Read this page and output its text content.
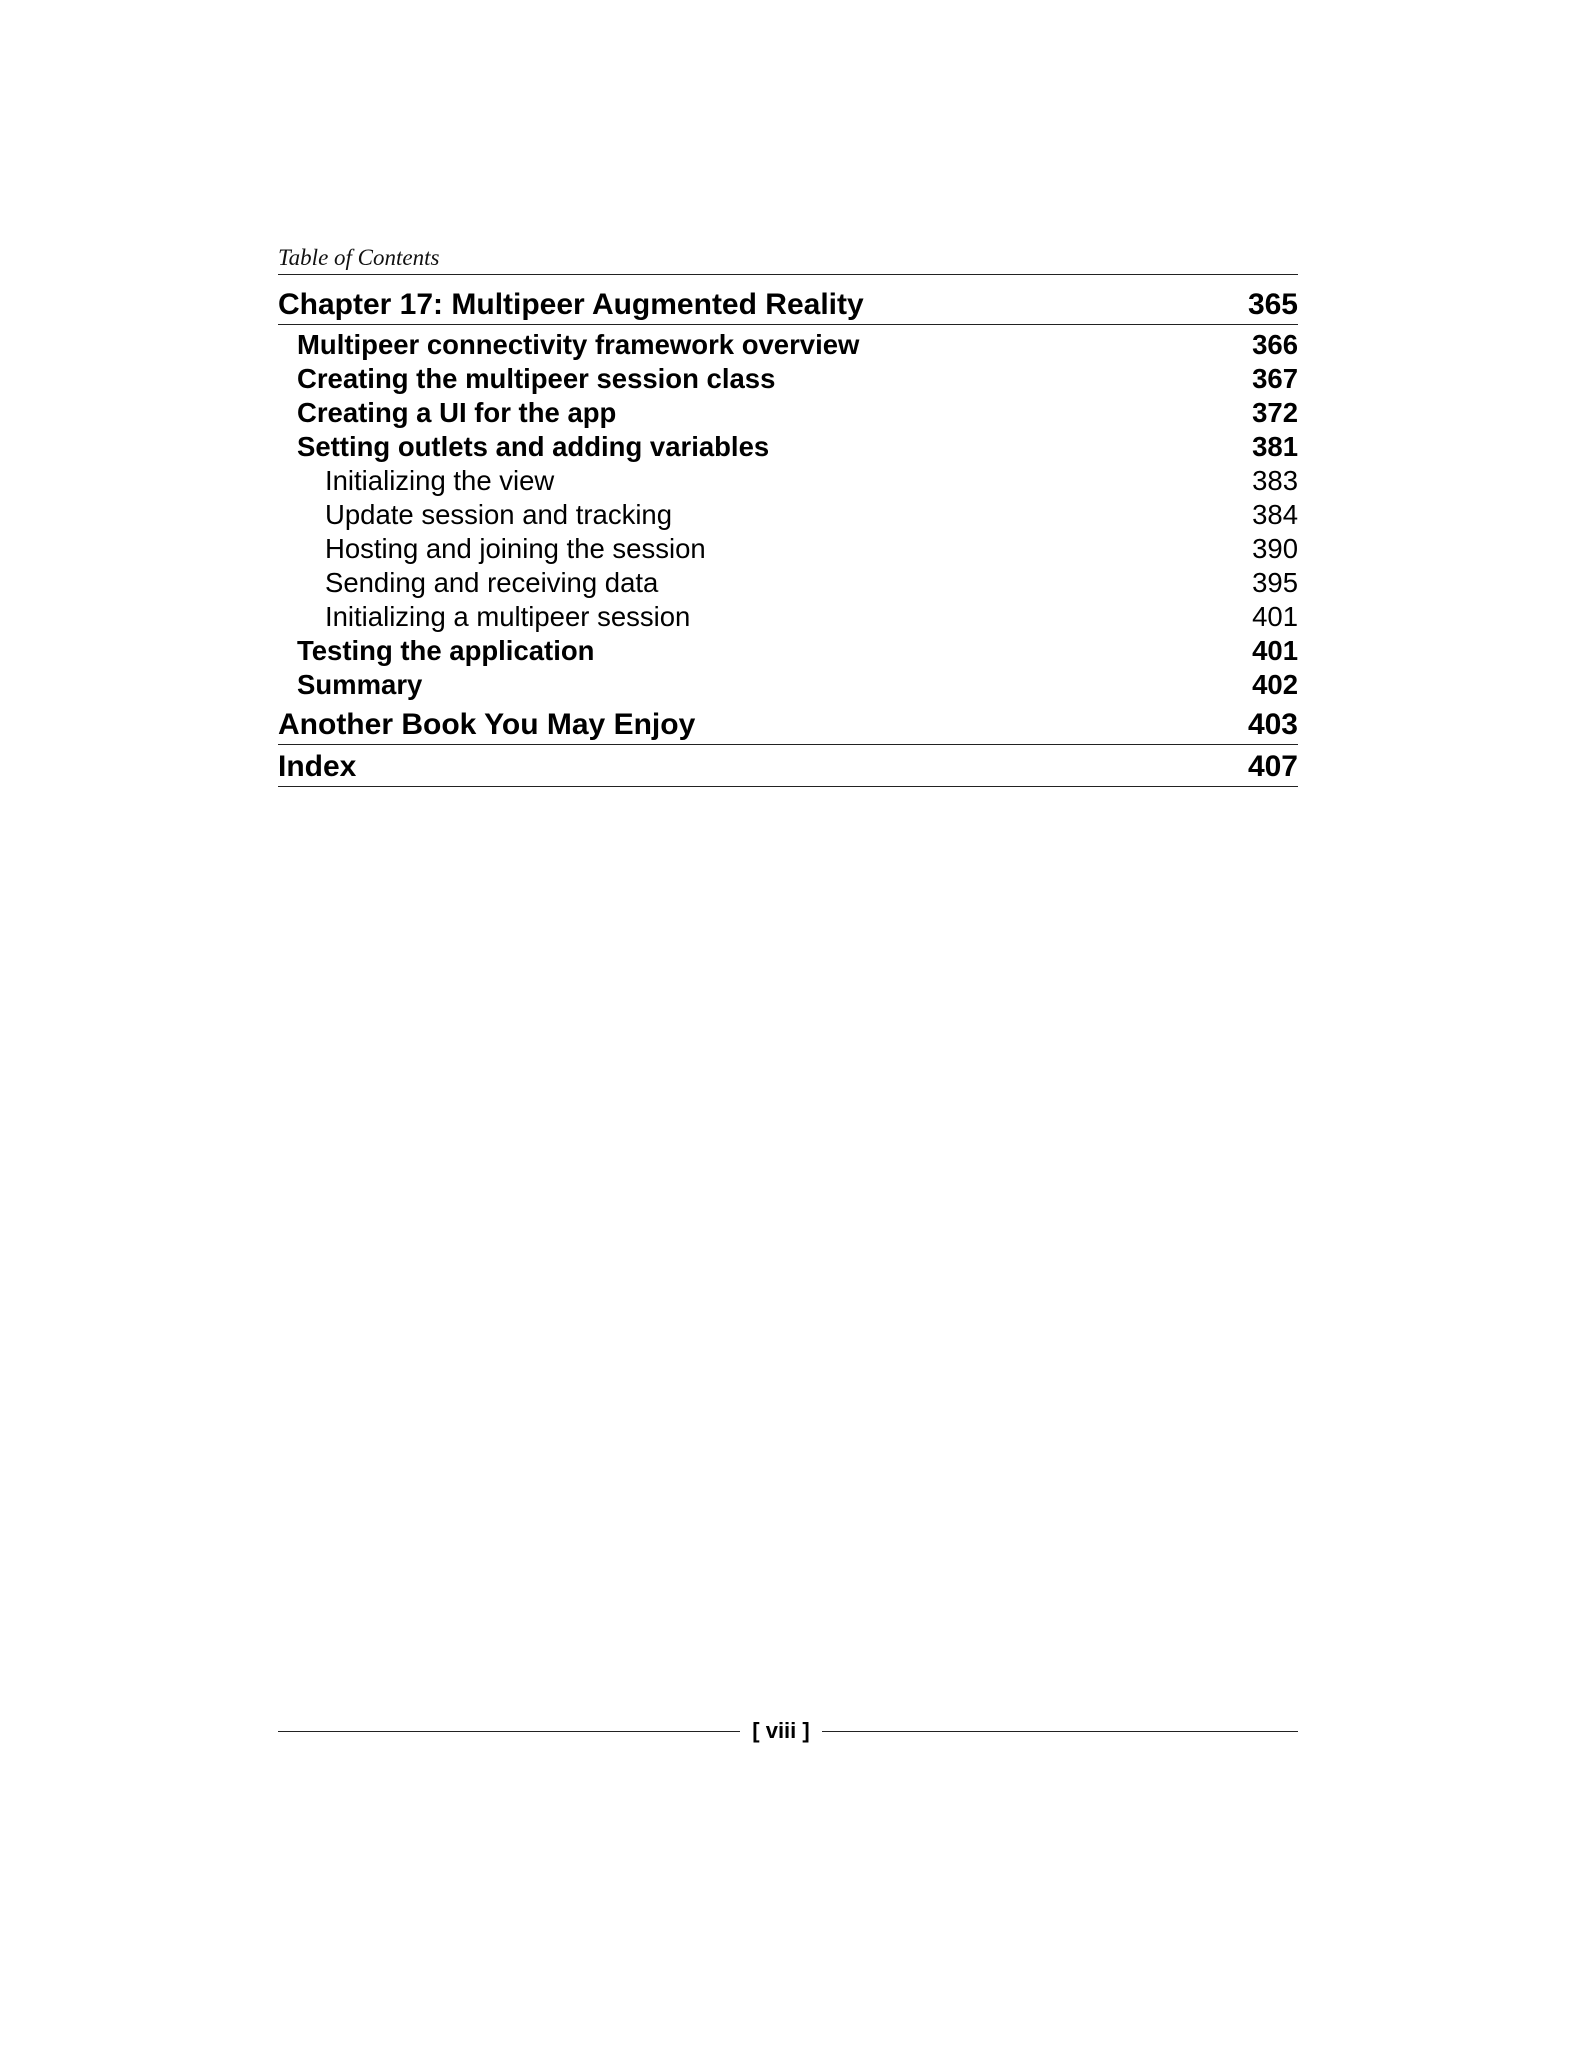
Table of Contents
Chapter 17: Multipeer Augmented Reality	365
Multipeer connectivity framework overview	366
Creating the multipeer session class	367
Creating a UI for the app	372
Setting outlets and adding variables	381
Initializing the view	383
Update session and tracking	384
Hosting and joining the session	390
Sending and receiving data	395
Initializing a multipeer session	401
Testing the application	401
Summary	402
Another Book You May Enjoy	403
Index	407
[ viii ]
